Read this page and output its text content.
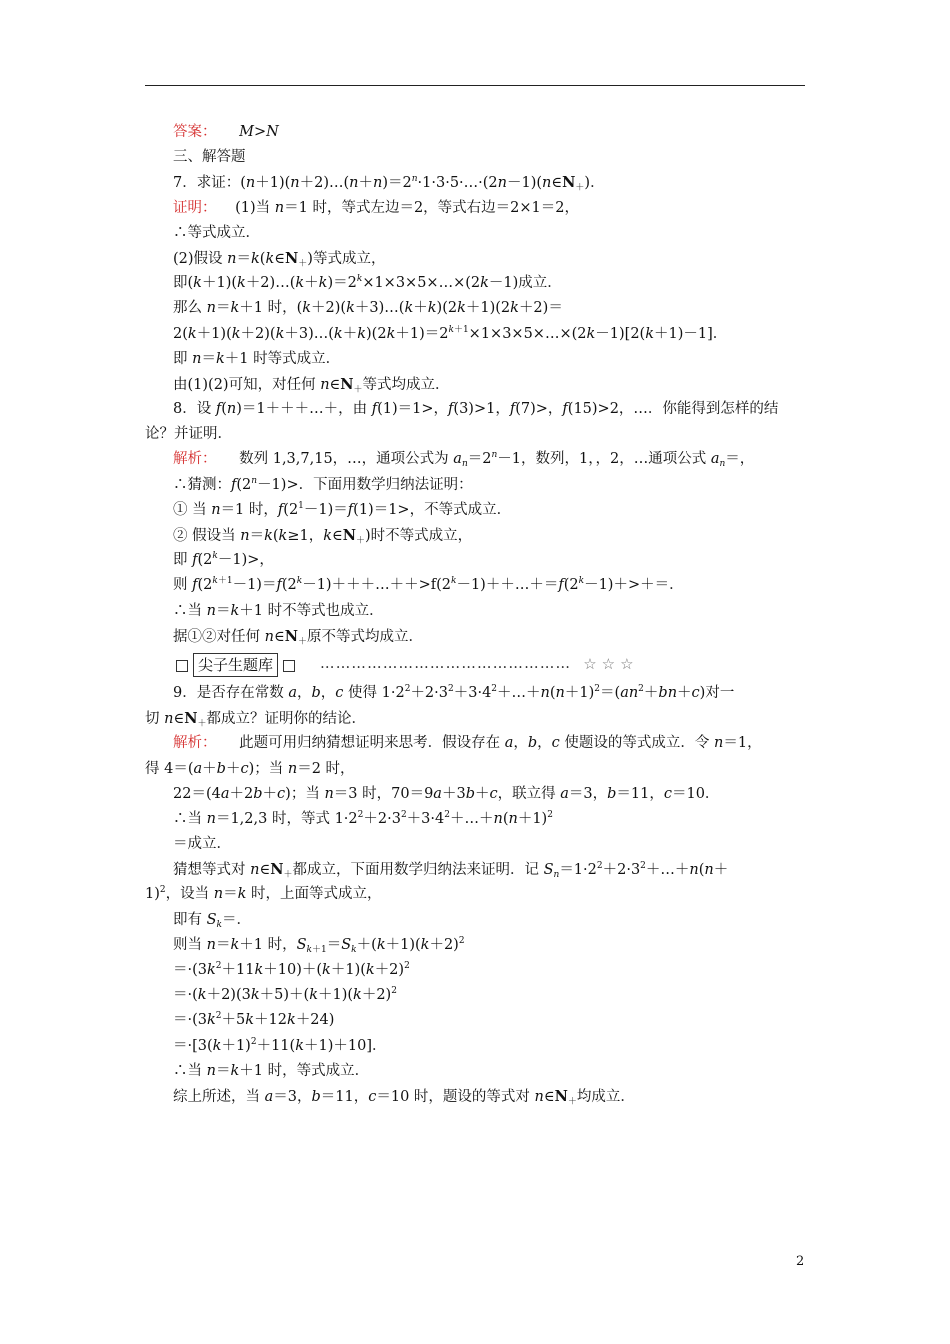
答案： M>N
三、解答题
7．求证：$(n+1)(n+2)\dots(n+n)=2^n\cdot 1\cdot 3\cdot 5\cdot\dots\cdot(2n-1)(n\in N_+)$．
证明： (1)当 n＝1 时，等式左边＝2，等式右边＝2×1＝2，
∴等式成立．
(2)假设 $n=k(k\in N_+)$等式成立，
即$(k+1)(k+2)\dots(k+k)=2^k\times 1\times 3\times 5\times\dots\times(2k-1)$成立．
那么 n＝k＋1 时，(k＋2)(k＋3)…(k＋k)(2k＋1)(2k＋2)＝
$2(k+1)(k+2)(k+3)\dots(k+k)(2k+1)=2^{k+1}\times 1\times 3\times 5\times\dots\times(2k-1)[2(k+1)-1]$．
即 n＝k＋1 时等式成立．
由(1)(2)可知，对任何 $n\in N_+$等式均成立．
8．设 f(n)＝1＋＋＋…＋，由 f(1)＝1>，f(3)>1，f(7)>，f(15)>2，…．你能得到怎样的结
论？并证明．
解析： 数列 1,3,7,15，…，通项公式为 $a_n=2^n-1$，数列，1，，2，…通项公式 $a_n=$，
∴猜测：$f(2^n-1)>$．下面用数学归纳法证明：
① 当 n＝1 时，$f(2^1-1)=f(1)=1>$，不等式成立．
② 假设当 n＝k(k≥1，$k\in N_+$)时不等式成立，
即 $f(2^k-1)>$，
则 $f(2^{k+1}-1)=f(2^k-1)+++\dots++>f(2^k-1)++\dots+=f(2^k-1)+>+=$．
∴当 n＝k＋1 时不等式也成立．
据①②对任何 $n\in N_+$原不等式均成立．
尖子生题库	………………………………………… ☆☆☆
9．是否存在常数 a，b，c 使得 $1\cdot 2^2+2\cdot 3^2+3\cdot 4^2+\dots+n(n+1)^2=(an^2+bn+c)$对一
切 $n\in N_+$都成立？证明你的结论．
解析： 此题可用归纳猜想证明来思考．假设存在 a，b，c 使题设的等式成立．令 n＝1，
得 4＝(a＋b＋c)；当 n＝2 时，
22＝(4a＋2b＋c)；当 n＝3 时，70＝9a＋3b＋c，联立得 a＝3，b＝11，c＝10．
∴当 n＝1,2,3 时，等式 $1\cdot 2^2+2\cdot 3^2+3\cdot 4^2+\dots+n(n+1)^2$
＝成立．
猜想等式对 $n\in N_+$都成立，下面用数学归纳法来证明．记 $S_n=1\cdot 2^2+2\cdot 3^2+\dots+n(n+$
1)$^2$，设当 n＝k 时，上面等式成立，
即有 $S_k=$．
则当 n＝k＋1 时，$S_{k+1}=S_k+(k+1)(k+2)^2$
$=\cdot(3k^2+11k+10)+(k+1)(k+2)^2$
$=\cdot(k+2)(3k+5)+(k+1)(k+2)^2$
$=\cdot(3k^2+5k+12k+24)$
$=\cdot[3(k+1)^2+11(k+1)+10]$．
∴当 n＝k＋1 时，等式成立．
综上所述，当 a＝3，b＝11，c＝10 时，题设的等式对 $n\in N_+$均成立．
2
